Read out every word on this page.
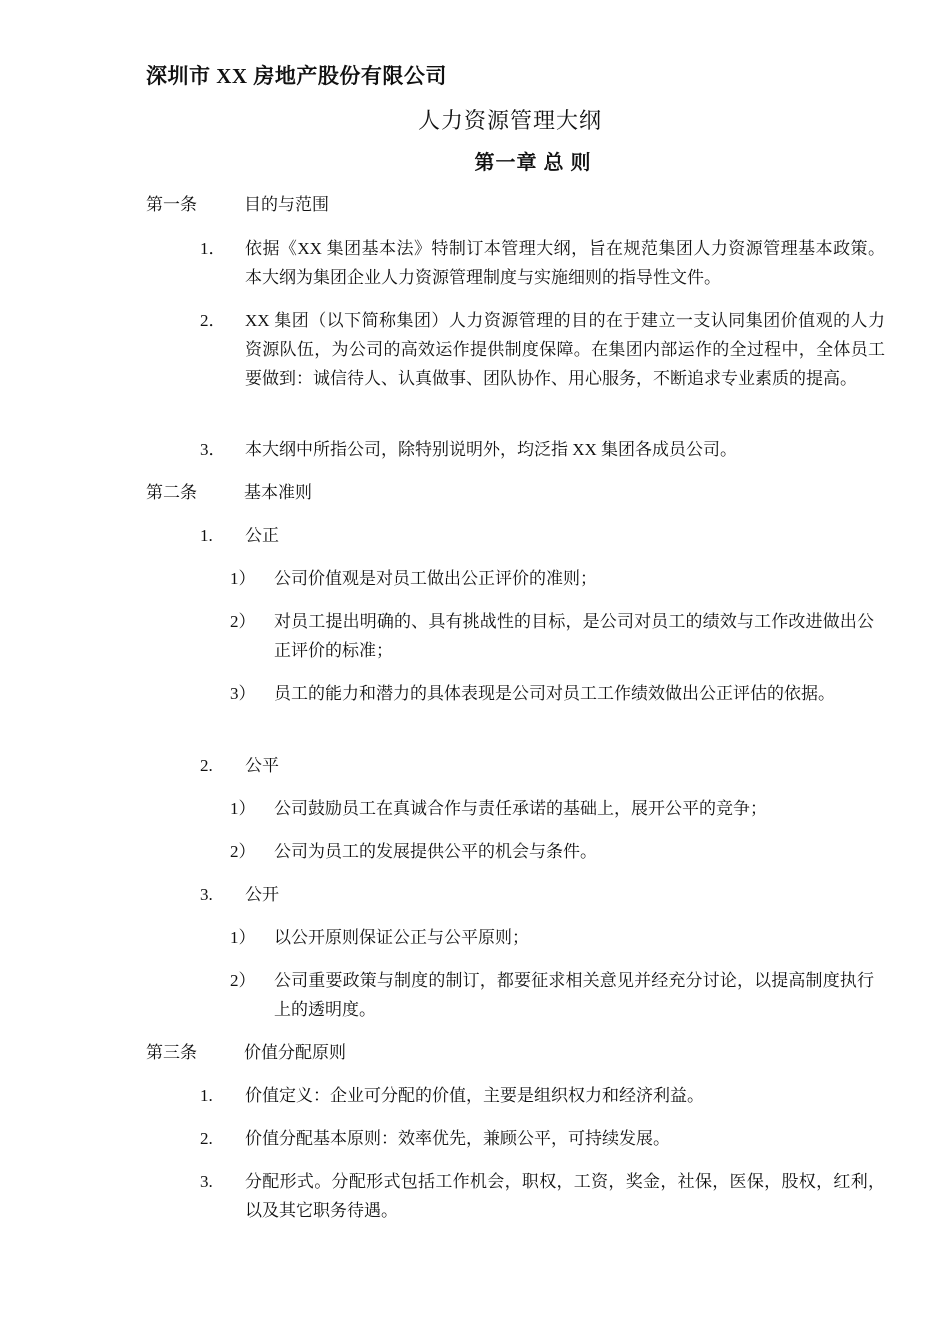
深圳市 XX 房地产股份有限公司
人力资源管理大纲
第一章 总 则
第一条	目的与范围
1． 依据《XX 集团基本法》特制订本管理大纲，旨在规范集团人力资源管理基本政策。本大纲为集团企业人力资源管理制度与实施细则的指导性文件。
2． XX 集团（以下简称集团）人力资源管理的目的在于建立一支认同集团价值观的人力资源队伍，为公司的高效运作提供制度保障。在集团内部运作的全过程中，全体员工要做到：诚信待人、认真做事、团队协作、用心服务，不断追求专业素质的提高。
3． 本大纲中所指公司，除特别说明外，均泛指 XX 集团各成员公司。
第二条	基本准则
1. 公正
1） 公司价值观是对员工做出公正评价的准则；
2） 对员工提出明确的、具有挑战性的目标，是公司对员工的绩效与工作改进做出公正评价的标准；
3） 员工的能力和潜力的具体表现是公司对员工工作绩效做出公正评估的依据。
2. 公平
1） 公司鼓励员工在真诚合作与责任承诺的基础上，展开公平的竞争；
2） 公司为员工的发展提供公平的机会与条件。
3. 公开
1） 以公开原则保证公正与公平原则；
2） 公司重要政策与制度的制订，都要征求相关意见并经充分讨论，以提高制度执行上的透明度。
第三条	价值分配原则
1. 价值定义：企业可分配的价值，主要是组织权力和经济利益。
2. 价值分配基本原则：效率优先，兼顾公平，可持续发展。
3. 分配形式。分配形式包括工作机会，职权，工资，奖金，社保，医保，股权，红利，以及其它职务待遇。
